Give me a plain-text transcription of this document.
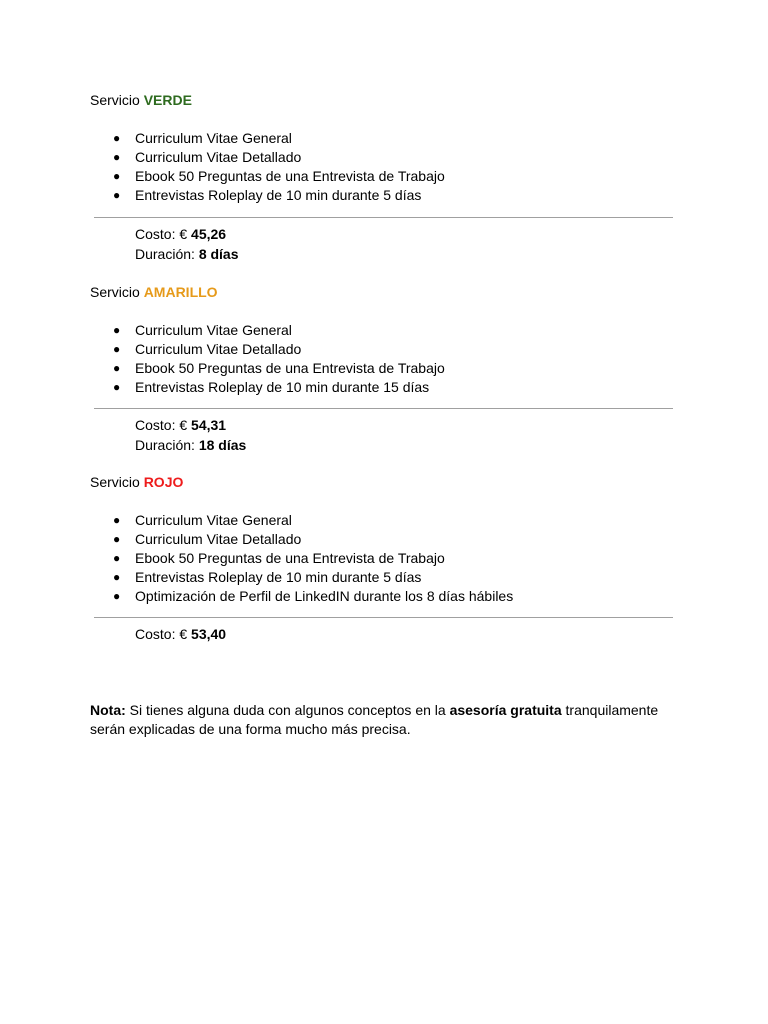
Servicio VERDE
● Curriculum Vitae General
● Curriculum Vitae Detallado
● Ebook 50 Preguntas de una Entrevista de Trabajo
● Entrevistas Roleplay de 10 min durante 5 días
Costo: € 45,26
Duración: 8 días
Servicio AMARILLO
● Curriculum Vitae General
● Curriculum Vitae Detallado
● Ebook 50 Preguntas de una Entrevista de Trabajo
● Entrevistas Roleplay de 10 min durante 15 días
Costo: € 54,31
Duración: 18 días
Servicio ROJO
● Curriculum Vitae General
● Curriculum Vitae Detallado
● Ebook 50 Preguntas de una Entrevista de Trabajo
● Entrevistas Roleplay de 10 min durante 5 días
● Optimización de Perfil de LinkedIN durante los 8 días hábiles
Costo: € 53,40

Nota: Si tienes alguna duda con algunos conceptos en la asesoría gratuita tranquilamente serán explicadas de una forma mucho más precisa.
